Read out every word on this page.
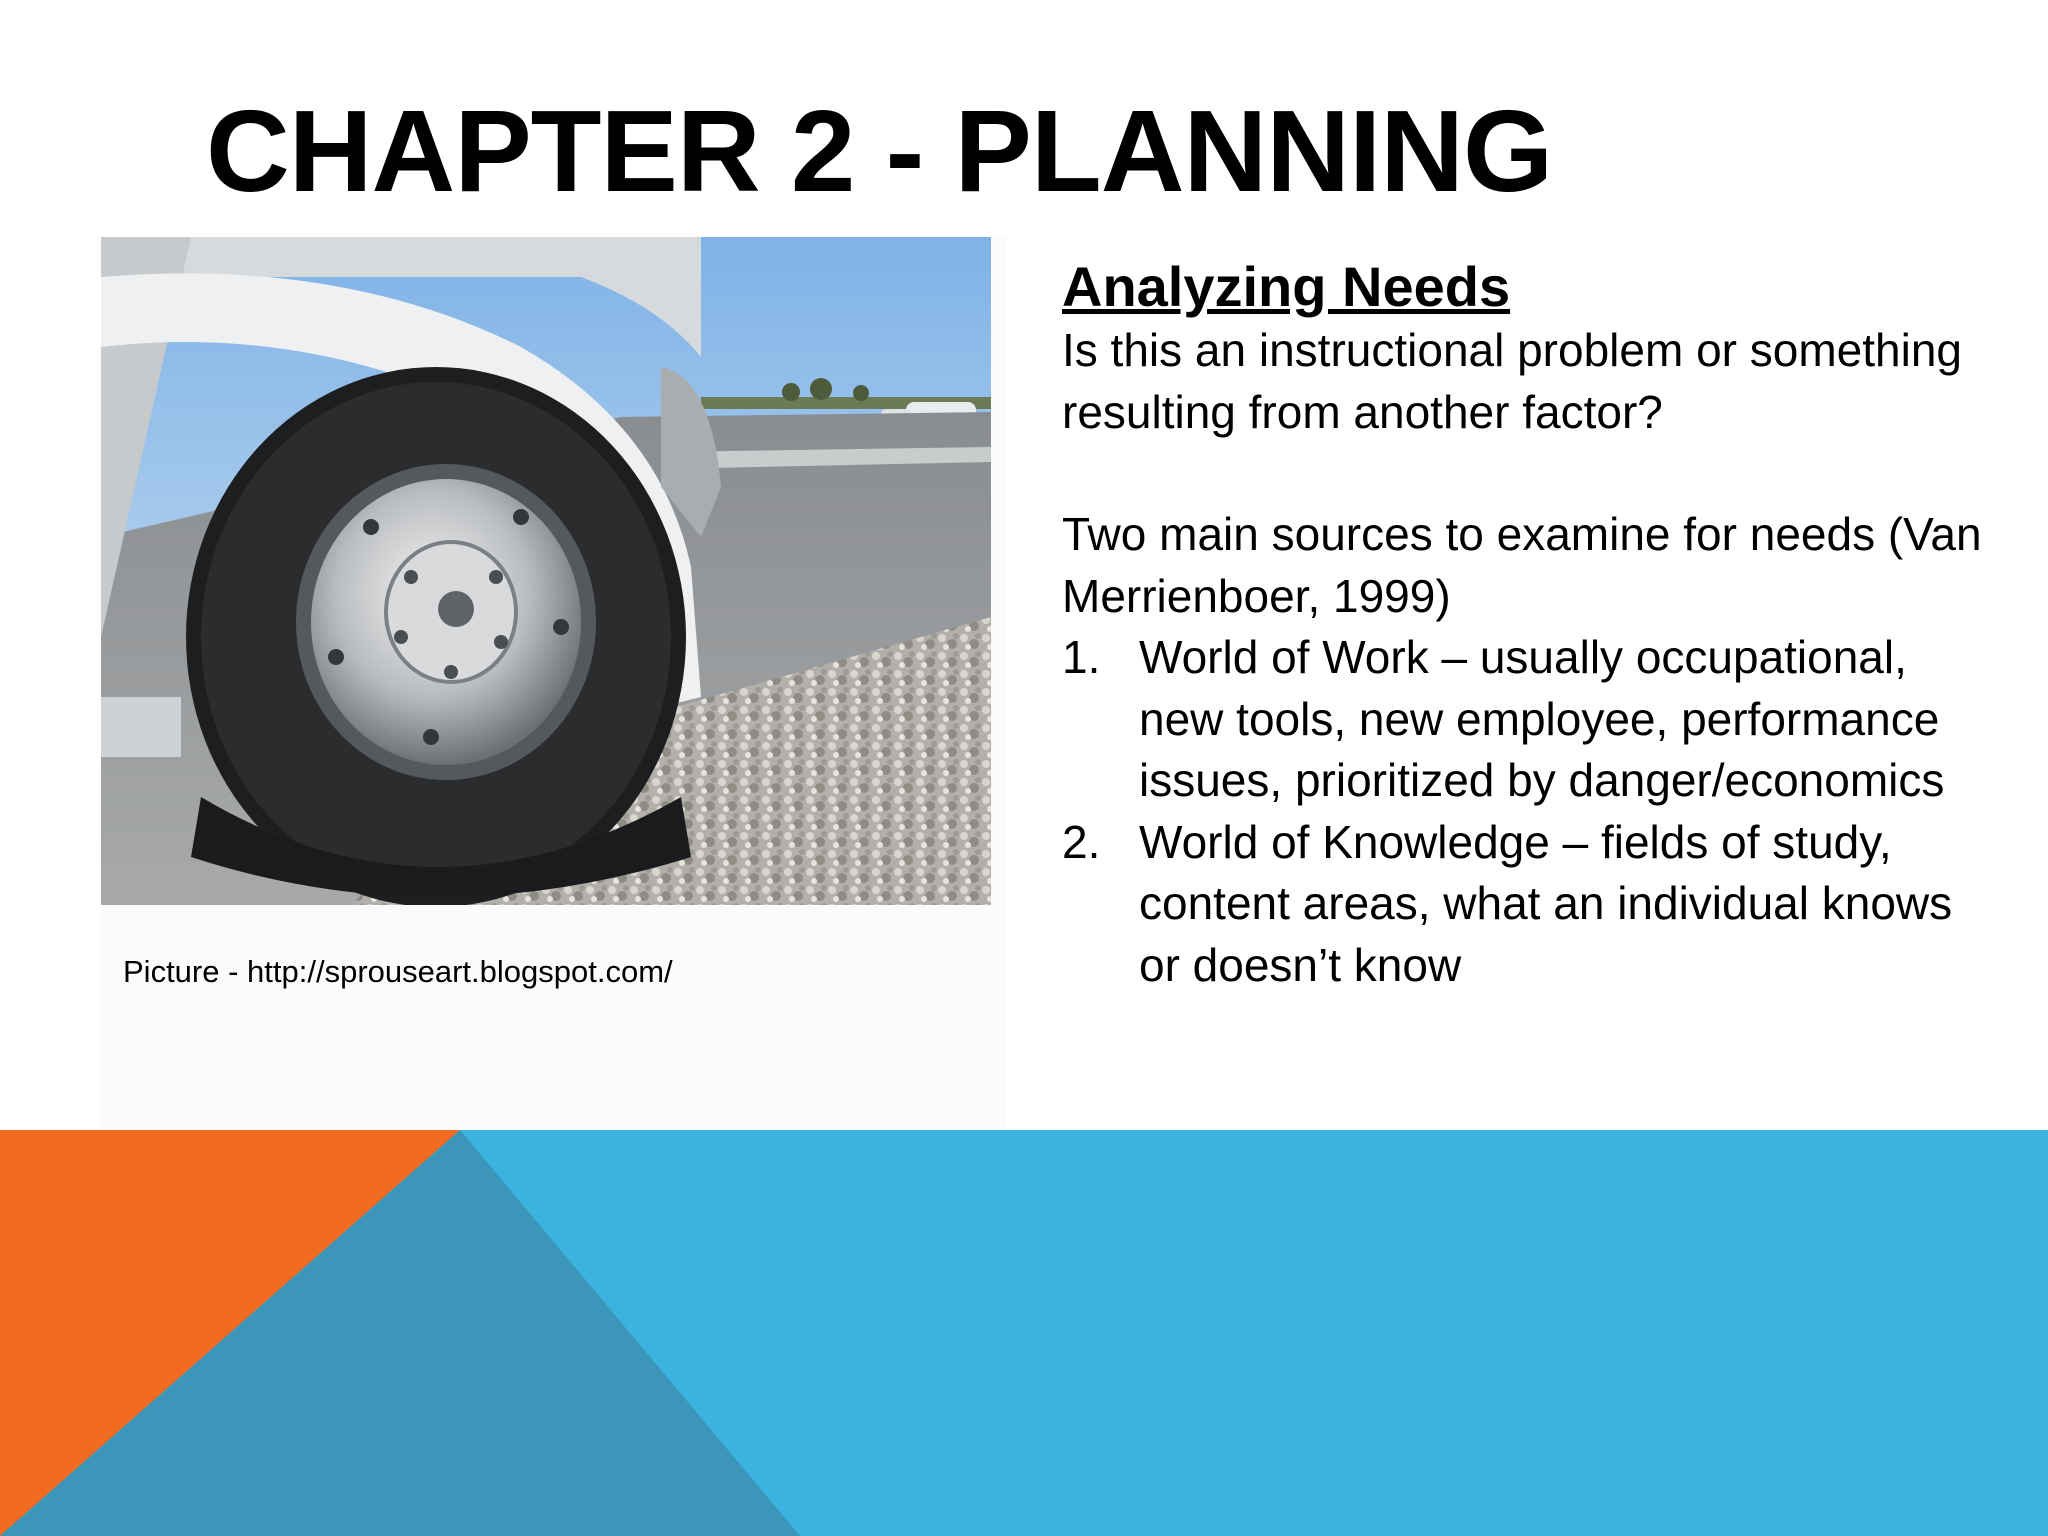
CHAPTER 2 - PLANNING

Picture - http://sprouseart.blogspot.com/

Analyzing Needs

Is this an instructional problem or something resulting from another factor?

Two main sources to examine for needs (Van Merrienboer, 1999)

1. World of Work – usually occupational, new tools, new employee, performance issues, prioritized by danger/economics
2. World of Knowledge – fields of study, content areas, what an individual knows or doesn’t know
